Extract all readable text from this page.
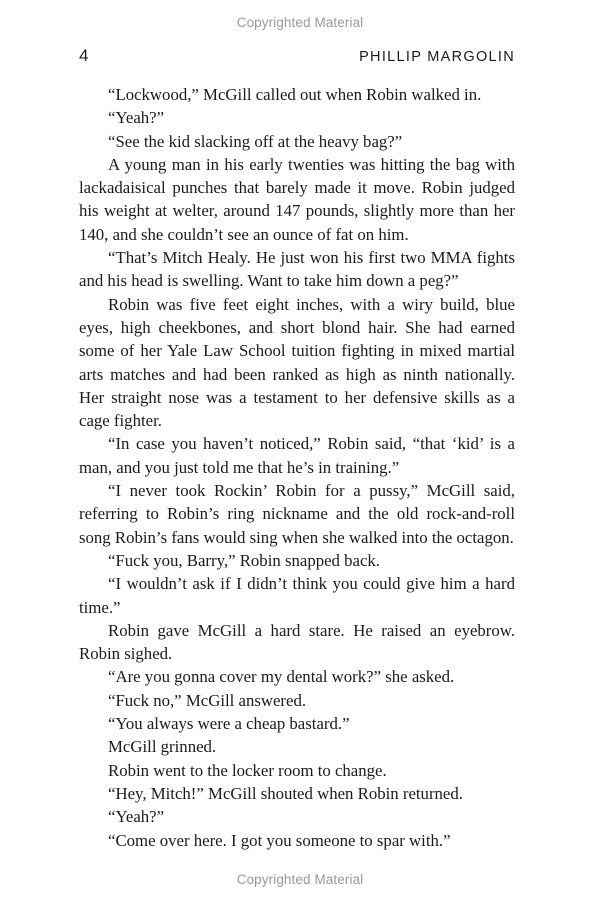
Copyrighted Material
4	PHILLIP MARGOLIN

“Lockwood,” McGill called out when Robin walked in.

“Yeah?”

“See the kid slacking off at the heavy bag?”

A young man in his early twenties was hitting the bag with lackadaisical punches that barely made it move. Robin judged his weight at welter, around 147 pounds, slightly more than her 140, and she couldn’t see an ounce of fat on him.

“That’s Mitch Healy. He just won his first two MMA fights and his head is swelling. Want to take him down a peg?”

Robin was five feet eight inches, with a wiry build, blue eyes, high cheekbones, and short blond hair. She had earned some of her Yale Law School tuition fighting in mixed martial arts matches and had been ranked as high as ninth nationally. Her straight nose was a testament to her defensive skills as a cage fighter.

“In case you haven’t noticed,” Robin said, “that ‘kid’ is a man, and you just told me that he’s in training.”

“I never took Rockin’ Robin for a pussy,” McGill said, referring to Robin’s ring nickname and the old rock-and-roll song Robin’s fans would sing when she walked into the octagon.

“Fuck you, Barry,” Robin snapped back.

“I wouldn’t ask if I didn’t think you could give him a hard time.”

Robin gave McGill a hard stare. He raised an eyebrow. Robin sighed.

“Are you gonna cover my dental work?” she asked.

“Fuck no,” McGill answered.

“You always were a cheap bastard.”

McGill grinned.

Robin went to the locker room to change.

“Hey, Mitch!” McGill shouted when Robin returned.

“Yeah?”

“Come over here. I got you someone to spar with.”

Copyrighted Material
